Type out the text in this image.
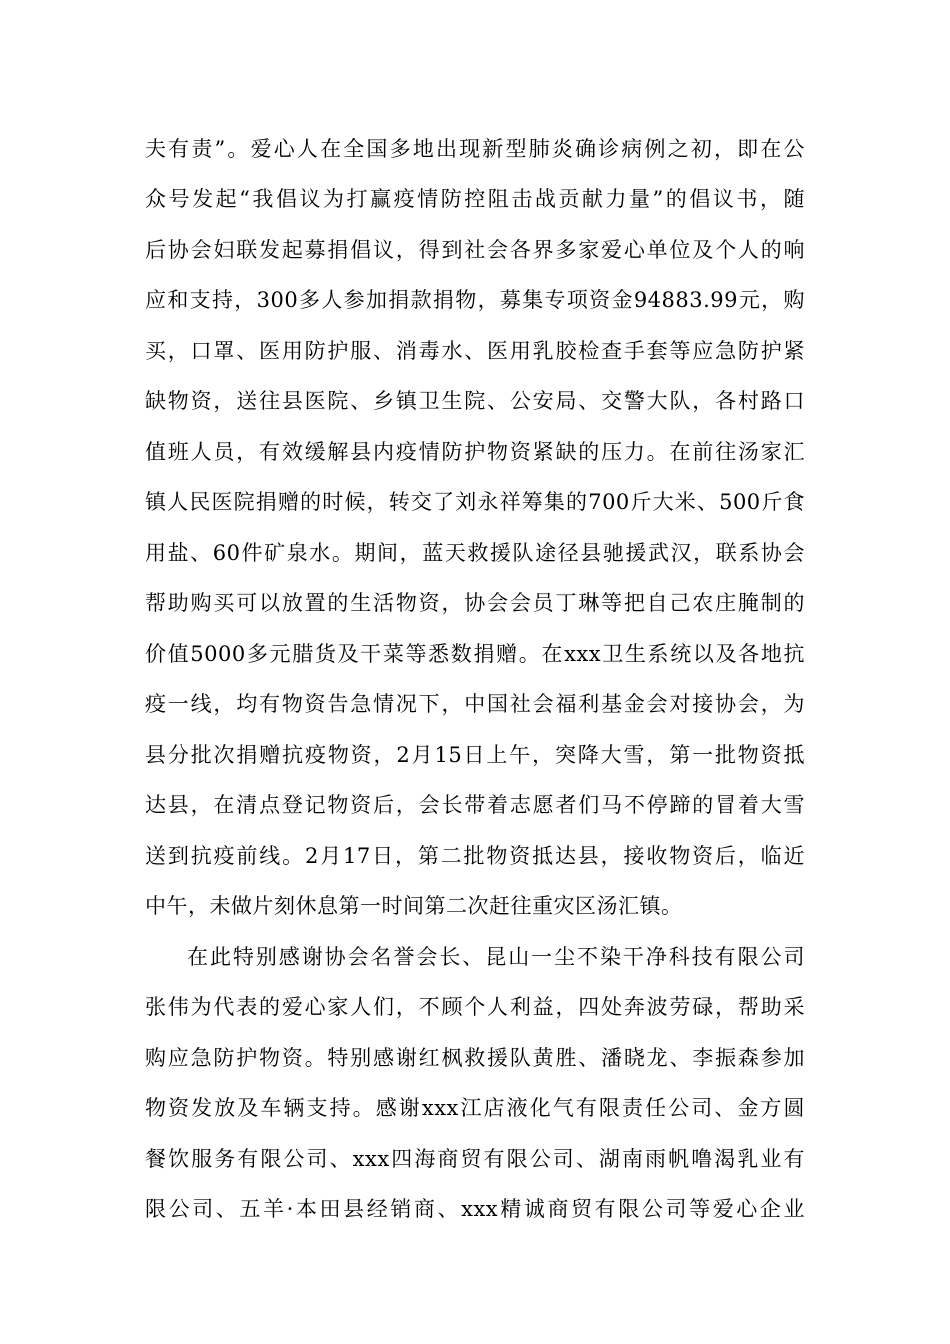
夫有责”。爱心人在全国多地出现新型肺炎确诊病例之初，即在公
众号发起“我倡议为打赢疫情防控阻击战贡献力量”的倡议书，随
后协会妇联发起募捐倡议，得到社会各界多家爱心单位及个人的响
应和支持，300多人参加捐款捐物，募集专项资金94883.99元，购
买，口罩、医用防护服、消毒水、医用乳胶检查手套等应急防护紧
缺物资，送往县医院、乡镇卫生院、公安局、交警大队，各村路口
值班人员，有效缓解县内疫情防护物资紧缺的压力。在前往汤家汇
镇人民医院捐赠的时候，转交了刘永祥筹集的700斤大米、500斤食
用盐、60件矿泉水。期间，蓝天救援队途径县驰援武汉，联系协会
帮助购买可以放置的生活物资，协会会员丁琳等把自己农庄腌制的
价值5000多元腊货及干菜等悉数捐赠。在xxx卫生系统以及各地抗
疫一线，均有物资告急情况下，中国社会福利基金会对接协会，为
县分批次捐赠抗疫物资，2月15日上午，突降大雪，第一批物资抵
达县，在清点登记物资后，会长带着志愿者们马不停蹄的冒着大雪
送到抗疫前线。2月17日，第二批物资抵达县，接收物资后，临近
中午，未做片刻休息第一时间第二次赶往重灾区汤汇镇。
在此特别感谢协会名誉会长、昆山一尘不染干净科技有限公司
张伟为代表的爱心家人们，不顾个人利益，四处奔波劳碌，帮助采
购应急防护物资。特别感谢红枫救援队黄胜、潘晓龙、李振森参加
物资发放及车辆支持。感谢xxx江店液化气有限责任公司、金方圆
餐饮服务有限公司、xxx四海商贸有限公司、湖南雨帆噜渴乳业有
限公司、五羊·本田县经销商、xxx精诚商贸有限公司等爱心企业
